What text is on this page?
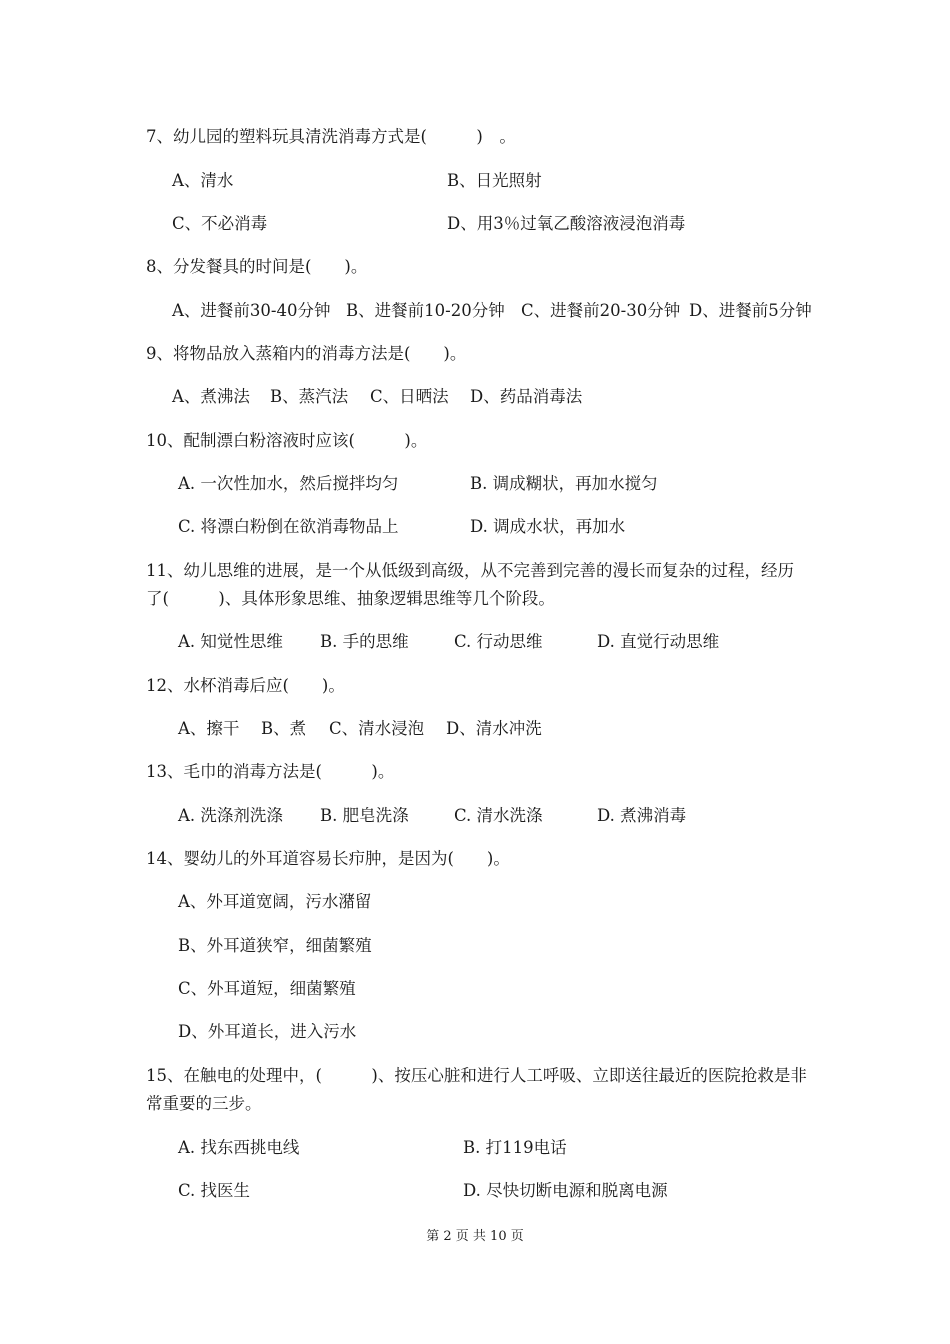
7、幼儿园的塑料玩具清洗消毒方式是(　　　)　。
A、清水	B、日光照射
C、不必消毒	D、用3％过氧乙酸溶液浸泡消毒
8、分发餐具的时间是(　　)。
A、进餐前30-40分钟 B、进餐前10-20分钟 C、进餐前20-30分钟 D、进餐前5分钟
9、将物品放入蒸箱内的消毒方法是(　　)。
A、煮沸法 B、蒸汽法 C、日晒法 D、药品消毒法
10、配制漂白粉溶液时应该(　　　)。
A. 一次性加水，然后搅拌均匀	B. 调成糊状，再加水搅匀
C. 将漂白粉倒在欲消毒物品上	D. 调成水状，再加水
11、幼儿思维的进展，是一个从低级到高级，从不完善到完善的漫长而复杂的过程，经历
了(　　　)、具体形象思维、抽象逻辑思维等几个阶段。
A. 知觉性思维 B. 手的思维	C. 行动思维	D. 直觉行动思维
12、水杯消毒后应(　　)。
A、擦干 B、煮 C、清水浸泡 D、清水冲洗
13、毛巾的消毒方法是(　　　)。
A. 洗涤剂洗涤 B. 肥皂洗涤	C. 清水洗涤	D. 煮沸消毒
14、婴幼儿的外耳道容易长疖肿，是因为(　　)。
A、外耳道宽阔，污水潴留
B、外耳道狭窄，细菌繁殖
C、外耳道短，细菌繁殖
D、外耳道长，进入污水
15、在触电的处理中，(　　　)、按压心脏和进行人工呼吸、立即送往最近的医院抢救是非
常重要的三步。
A. 找东西挑电线	B. 打119电话
C. 找医生	D. 尽快切断电源和脱离电源
第 2 页 共 10 页
